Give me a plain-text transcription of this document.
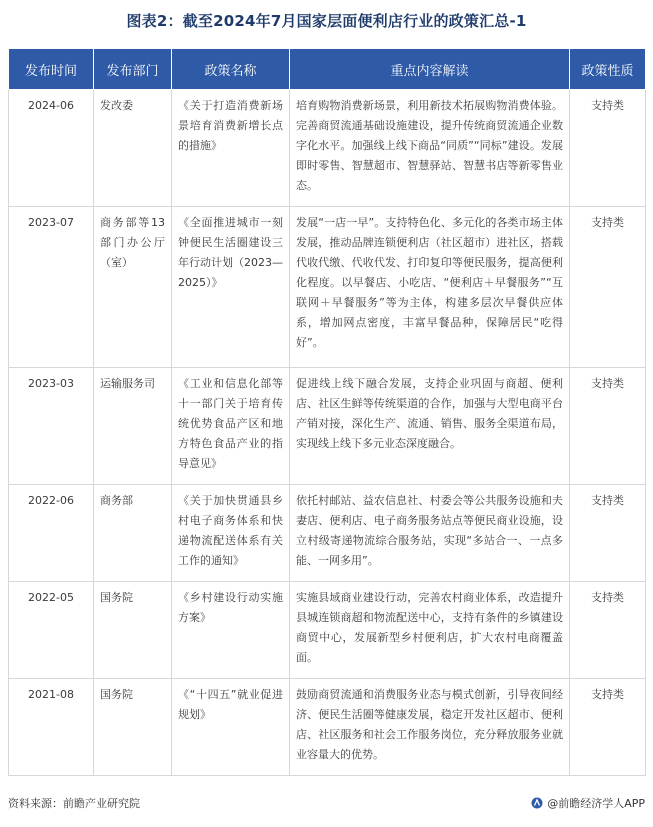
图表2：截至2024年7月国家层面便利店行业的政策汇总-1
发布时间	发布部门	政策名称	重点内容解读	政策性质
2024-06	发改委	《关于打造消费新场景培育消费新增长点的措施》	培育购物消费新场景，利用新技术拓展购物消费体验。完善商贸流通基础设施建设，提升传统商贸流通企业数字化水平。加强线上线下商品“同质”“同标”建设。发展即时零售、智慧超市、智慧驿站、智慧书店等新零售业态。	支持类
2023-07	商务部等13部门办公厅（室）	《全面推进城市一刻钟便民生活圈建设三年行动计划（2023—2025）》	发展“一店一早”。支持特色化、多元化的各类市场主体发展，推动品牌连锁便利店（社区超市）进社区，搭载代收代缴、代收代发、打印复印等便民服务，提高便利化程度。以早餐店、小吃店、“便利店＋早餐服务”“互联网＋早餐服务”等为主体，构建多层次早餐供应体系，增加网点密度，丰富早餐品种，保障居民“吃得好”。	支持类
2023-03	运输服务司	《工业和信息化部等十一部门关于培育传统优势食品产区和地方特色食品产业的指导意见》	促进线上线下融合发展，支持企业巩固与商超、便利店、社区生鲜等传统渠道的合作，加强与大型电商平台产销对接，深化生产、流通、销售、服务全渠道布局，实现线上线下多元业态深度融合。	支持类
2022-06	商务部	《关于加快贯通县乡村电子商务体系和快递物流配送体系有关工作的通知》	依托村邮站、益农信息社、村委会等公共服务设施和夫妻店、便利店、电子商务服务站点等便民商业设施，设立村级寄递物流综合服务站，实现“多站合一、一点多能、一网多用”。	支持类
2022-05	国务院	《乡村建设行动实施方案》	实施县域商业建设行动，完善农村商业体系，改造提升县城连锁商超和物流配送中心，支持有条件的乡镇建设商贸中心，发展新型乡村便利店，扩大农村电商覆盖面。	支持类
2021-08	国务院	《“十四五”就业促进规划》	鼓励商贸流通和消费服务业态与模式创新，引导夜间经济、便民生活圈等健康发展，稳定开发社区超市、便利店、社区服务和社会工作服务岗位，充分释放服务业就业容量大的优势。	支持类
资料来源：前瞻产业研究院	@前瞻经济学人APP
